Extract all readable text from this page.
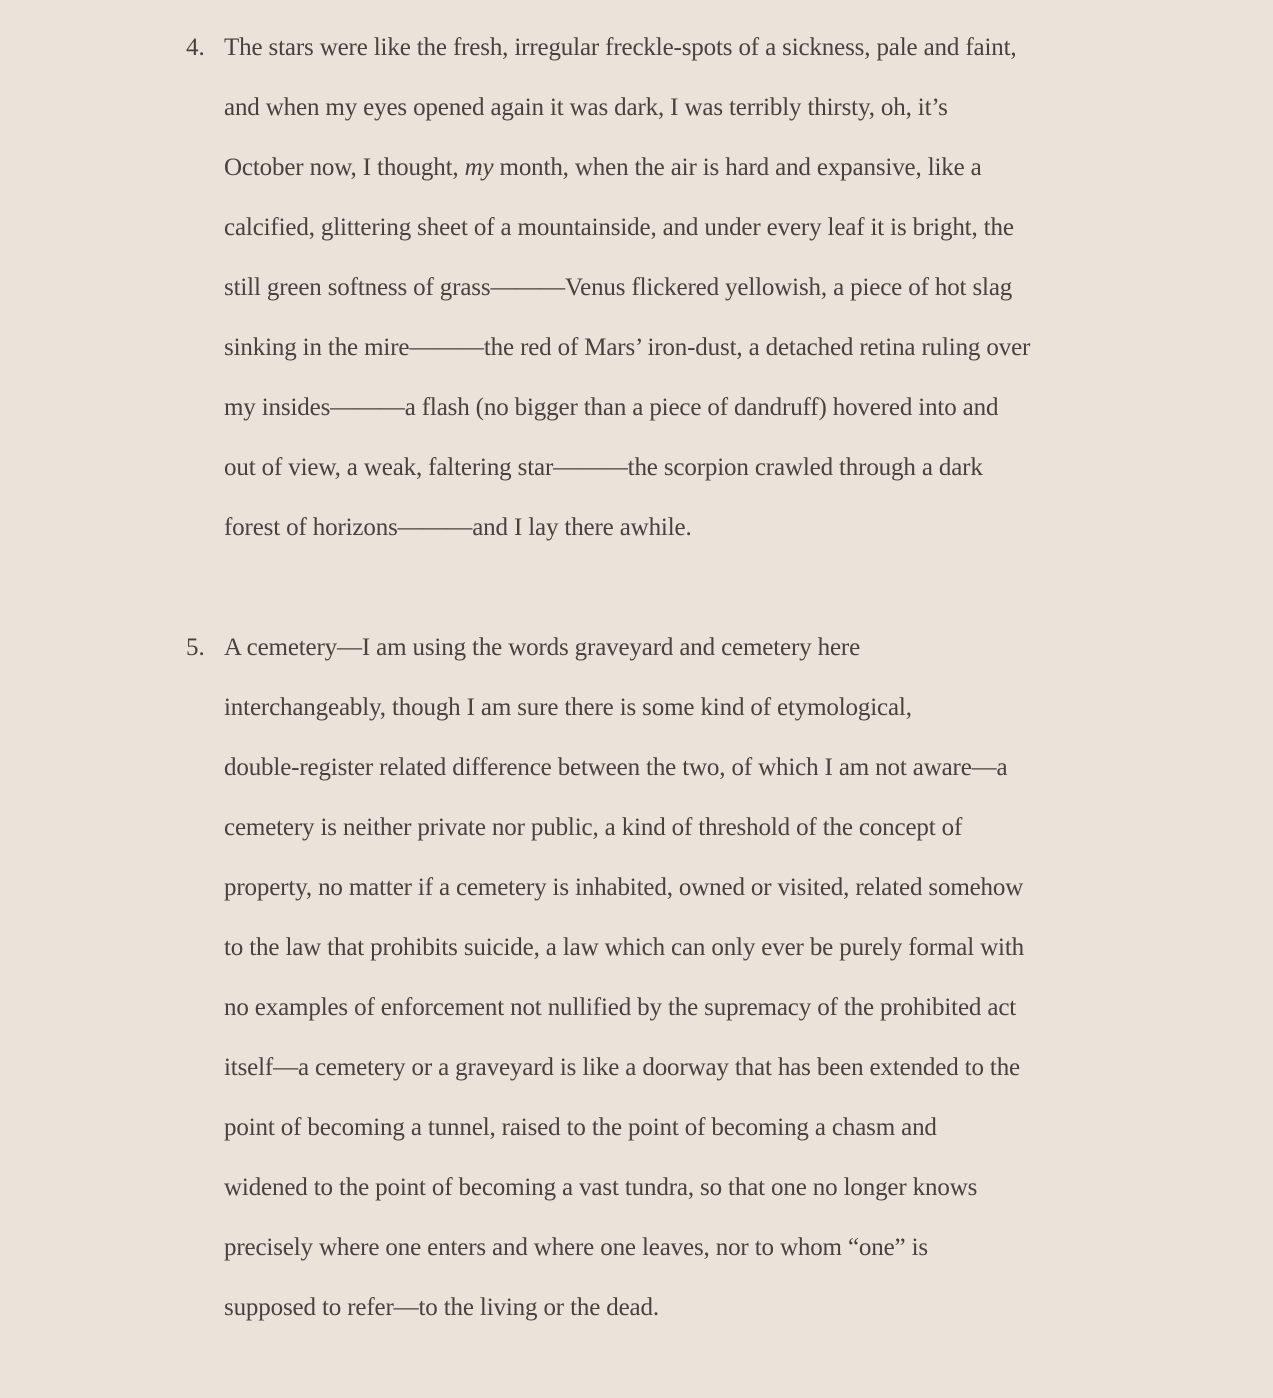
4. The stars were like the fresh, irregular freckle-spots of a sickness, pale and faint,
and when my eyes opened again it was dark, I was terribly thirsty, oh, it’s
October now, I thought, my month, when the air is hard and expansive, like a
calcified, glittering sheet of a mountainside, and under every leaf it is bright, the
still green softness of grass———Venus flickered yellowish, a piece of hot slag
sinking in the mire———the red of Mars’ iron-dust, a detached retina ruling over
my insides———a flash (no bigger than a piece of dandruff) hovered into and
out of view, a weak, faltering star———the scorpion crawled through a dark
forest of horizons———and I lay there awhile.
5. A cemetery—I am using the words graveyard and cemetery here
interchangeably, though I am sure there is some kind of etymological,
double-register related difference between the two, of which I am not aware—a
cemetery is neither private nor public, a kind of threshold of the concept of
property, no matter if a cemetery is inhabited, owned or visited, related somehow
to the law that prohibits suicide, a law which can only ever be purely formal with
no examples of enforcement not nullified by the supremacy of the prohibited act
itself—a cemetery or a graveyard is like a doorway that has been extended to the
point of becoming a tunnel, raised to the point of becoming a chasm and
widened to the point of becoming a vast tundra, so that one no longer knows
precisely where one enters and where one leaves, nor to whom “one” is
supposed to refer—to the living or the dead.
